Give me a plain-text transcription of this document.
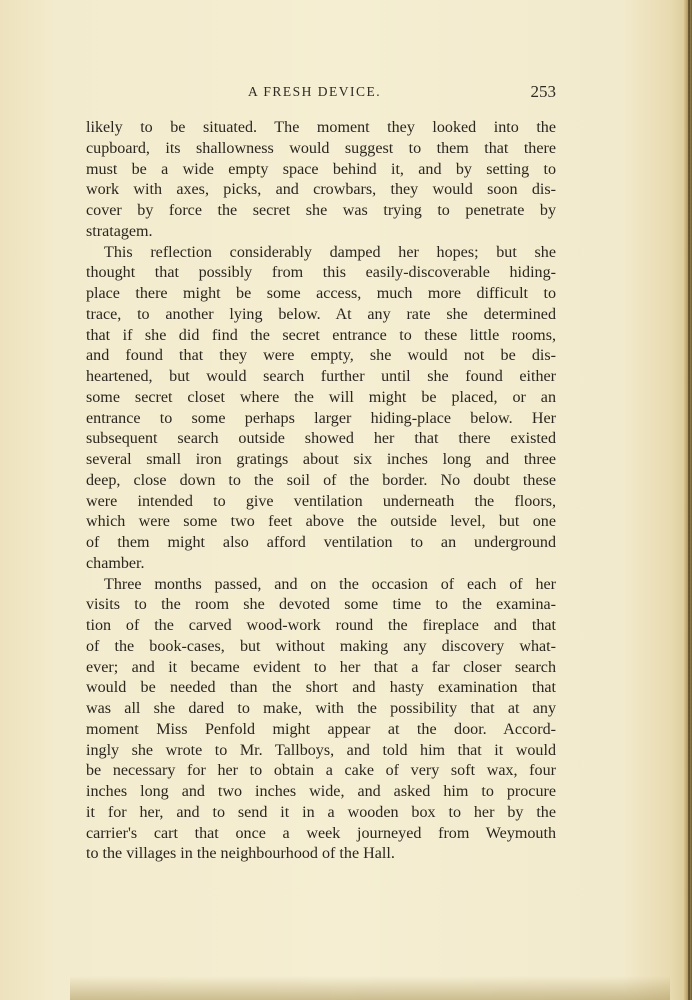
A FRESH DEVICE.	253

likely to be situated. The moment they looked into the

cupboard, its shallowness would suggest to them that there

must be a wide empty space behind it, and by setting to

work with axes, picks, and crowbars, they would soon dis-

cover by force the secret she was trying to penetrate by

stratagem.

This reflection considerably damped her hopes; but she

thought that possibly from this easily-discoverable hiding-

place there might be some access, much more difficult to

trace, to another lying below. At any rate she determined

that if she did find the secret entrance to these little rooms,

and found that they were empty, she would not be dis-

heartened, but would search further until she found either

some secret closet where the will might be placed, or an

entrance to some perhaps larger hiding-place below. Her

subsequent search outside showed her that there existed

several small iron gratings about six inches long and three

deep, close down to the soil of the border. No doubt these

were intended to give ventilation underneath the floors,

which were some two feet above the outside level, but one

of them might also afford ventilation to an underground

chamber.

Three months passed, and on the occasion of each of her

visits to the room she devoted some time to the examina-

tion of the carved wood-work round the fireplace and that

of the book-cases, but without making any discovery what-

ever; and it became evident to her that a far closer search

would be needed than the short and hasty examination that

was all she dared to make, with the possibility that at any

moment Miss Penfold might appear at the door. Accord-

ingly she wrote to Mr. Tallboys, and told him that it would

be necessary for her to obtain a cake of very soft wax, four

inches long and two inches wide, and asked him to procure

it for her, and to send it in a wooden box to her by the

carrier's cart that once a week journeyed from Weymouth

to the villages in the neighbourhood of the Hall.
